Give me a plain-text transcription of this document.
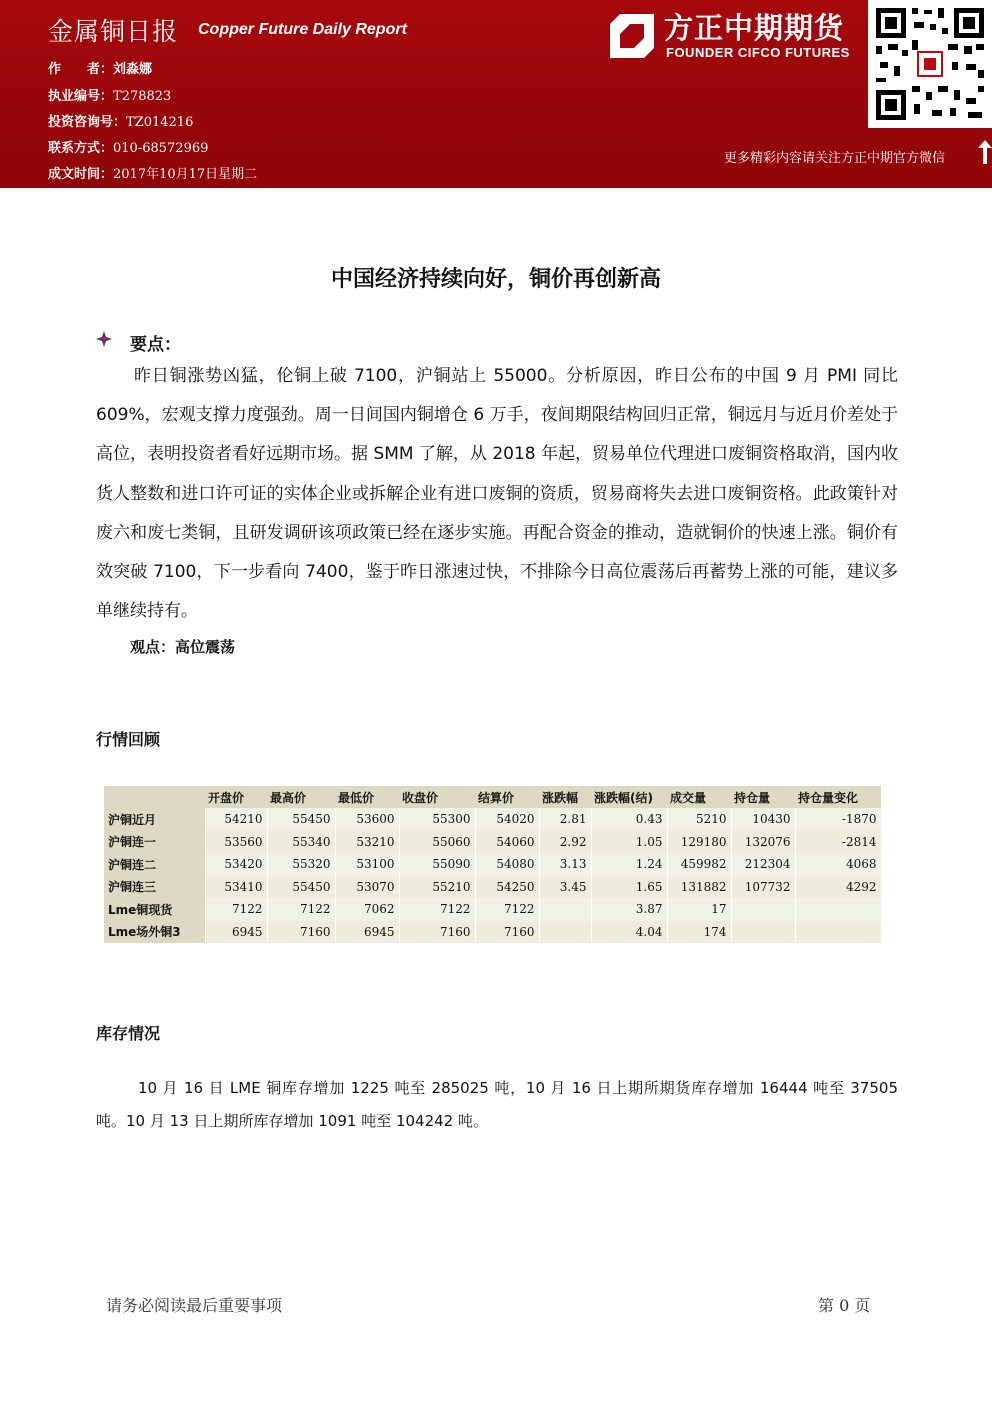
金属铜日报 Copper Future Daily Report
作　　者：刘淼娜
执业编号：T278823
投资咨询号：TZ014216
联系方式：010-68572969
成文时间：2017年10月17日星期二
方正中期期货
FOUNDER CIFCO FUTURES
更多精彩内容请关注方正中期官方微信
中国经济持续向好，铜价再创新高
要点：
昨日铜涨势凶猛，伦铜上破 7100，沪铜站上 55000。分析原因，昨日公布的中国 9 月 PMI 同比 609%，宏观支撑力度强劲。周一日间国内铜增仓 6 万手，夜间期限结构回归正常，铜远月与近月价差处于高位，表明投资者看好远期市场。据 SMM 了解，从 2018 年起，贸易单位代理进口废铜资格取消，国内收货人整数和进口许可证的实体企业或拆解企业有进口废铜的资质，贸易商将失去进口废铜资格。此政策针对废六和废七类铜，且研发调研该项政策已经在逐步实施。再配合资金的推动，造就铜价的快速上涨。铜价有效突破 7100，下一步看向 7400，鉴于昨日涨速过快，不排除今日高位震荡后再蓄势上涨的可能，建议多单继续持有。
观点：高位震荡
行情回顾
	开盘价	最高价	最低价	收盘价	结算价	涨跌幅	涨跌幅(结)	成交量	持仓量	持仓量变化
沪铜近月	54210	55450	53600	55300	54020	2.81	0.43	5210	10430	-1870
沪铜连一	53560	55340	53210	55060	54060	2.92	1.05	129180	132076	-2814
沪铜连二	53420	55320	53100	55090	54080	3.13	1.24	459982	212304	4068
沪铜连三	53410	55450	53070	55210	54250	3.45	1.65	131882	107732	4292
Lme铜现货	7122	7122	7062	7122	7122		3.87	17		
Lme场外铜3	6945	7160	6945	7160	7160		4.04	174		
库存情况
10 月 16 日 LME 铜库存增加 1225 吨至 285025 吨，10 月 16 日上期所期货库存增加 16444 吨至 37505 吨。10 月 13 日上期所库存增加 1091 吨至 104242 吨。
请务必阅读最后重要事项	第 0 页
